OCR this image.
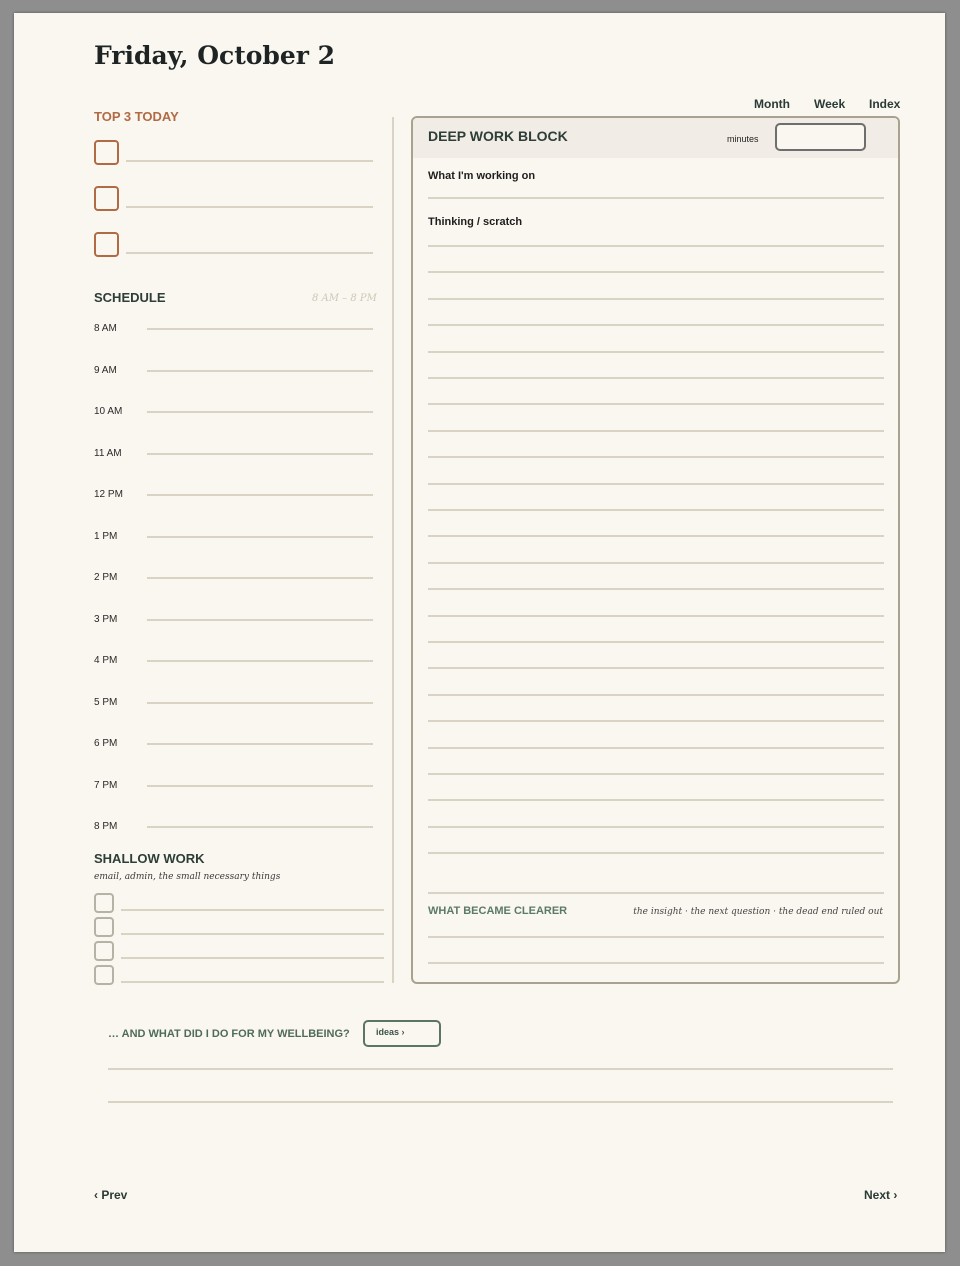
Friday, October 2
Month Week Index
TOP 3 TODAY
SCHEDULE	8 AM – 8 PM
8 AM
9 AM
10 AM
11 AM
12 PM
1 PM
2 PM
3 PM
4 PM
5 PM
6 PM
7 PM
8 PM
SHALLOW WORK
email, admin, the small necessary things
DEEP WORK BLOCK	minutes
What I'm working on
Thinking / scratch
WHAT BECAME CLEARER	the insight · the next question · the dead end ruled out
… AND WHAT DID I DO FOR MY WELLBEING?	ideas ›
‹ Prev	Next ›
